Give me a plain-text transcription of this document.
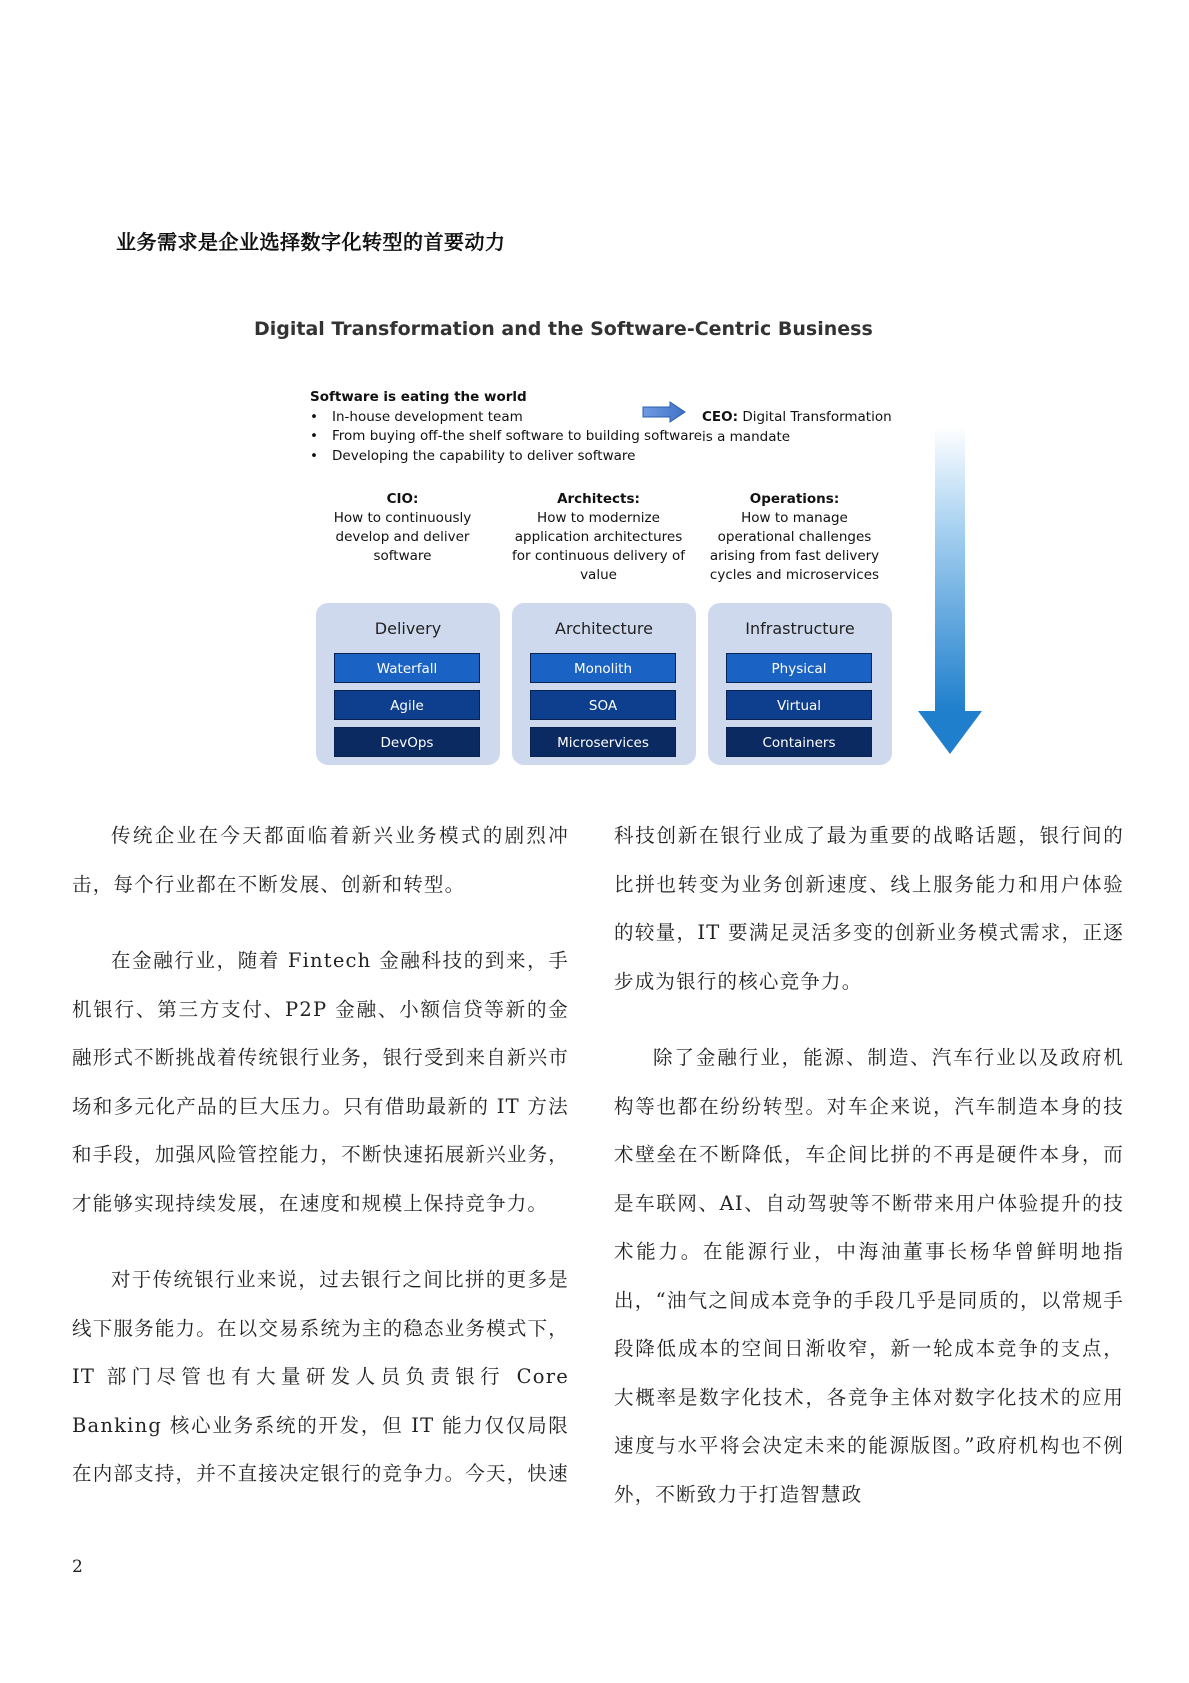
业务需求是企业选择数字化转型的首要动力
Digital Transformation and the Software-Centric Business
Software is eating the world
• In-house development team
• From buying off-the shelf software to building software
• Developing the capability to deliver software
CEO: Digital Transformation
is a mandate
CIO:
How to continuously develop and deliver software
Architects:
How to modernize application architectures for continuous delivery of value
Operations:
How to manage operational challenges arising from fast delivery cycles and microservices
Delivery
Waterfall
Agile
DevOps
Architecture
Monolith
SOA
Microservices
Infrastructure
Physical
Virtual
Containers

传统企业在今天都面临着新兴业务模式的剧烈冲击，每个行业都在不断发展、创新和转型。

在金融行业，随着 Fintech 金融科技的到来，手机银行、第三方支付、P2P 金融、小额信贷等新的金融形式不断挑战着传统银行业务，银行受到来自新兴市场和多元化产品的巨大压力。只有借助最新的 IT 方法和手段，加强风险管控能力，不断快速拓展新兴业务，才能够实现持续发展，在速度和规模上保持竞争力。

对于传统银行业来说，过去银行之间比拼的更多是线下服务能力。在以交易系统为主的稳态业务模式下，IT 部门尽管也有大量研发人员负责银行 Core Banking 核心业务系统的开发，但 IT 能力仅仅局限在内部支持，并不直接决定银行的竞争力。今天，快速

科技创新在银行业成了最为重要的战略话题，银行间的比拼也转变为业务创新速度、线上服务能力和用户体验的较量，IT 要满足灵活多变的创新业务模式需求，正逐步成为银行的核心竞争力。

除了金融行业，能源、制造、汽车行业以及政府机构等也都在纷纷转型。对车企来说，汽车制造本身的技术壁垒在不断降低，车企间比拼的不再是硬件本身，而是车联网、AI、自动驾驶等不断带来用户体验提升的技术能力。在能源行业，中海油董事长杨华曾鲜明地指出，“油气之间成本竞争的手段几乎是同质的，以常规手段降低成本的空间日渐收窄，新一轮成本竞争的支点，大概率是数字化技术，各竞争主体对数字化技术的应用速度与水平将会决定未来的能源版图。”政府机构也不例外，不断致力于打造智慧政

2
